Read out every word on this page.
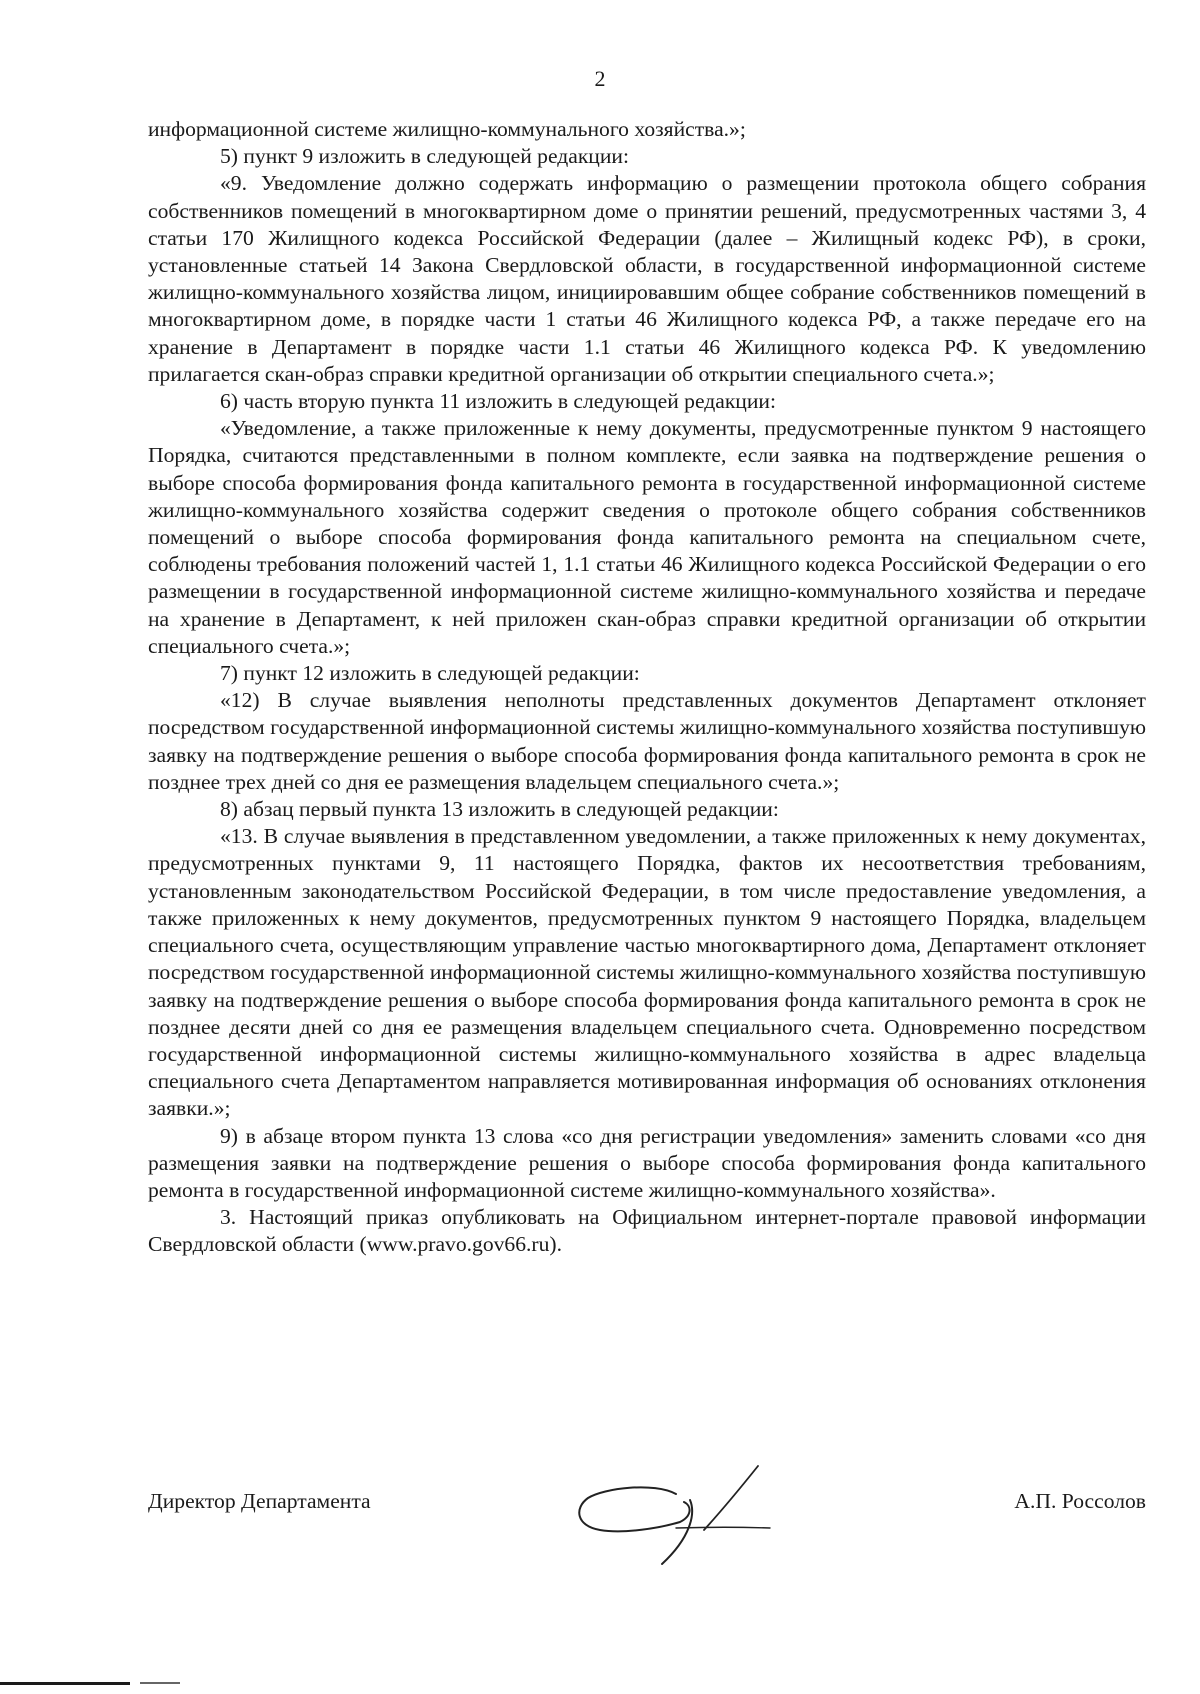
2

информационной системе жилищно-коммунального хозяйства.»;

5) пункт 9 изложить в следующей редакции:

«9. Уведомление должно содержать информацию о размещении протокола общего собрания собственников помещений в многоквартирном доме о принятии решений, предусмотренных частями 3, 4 статьи 170 Жилищного кодекса Российской Федерации (далее – Жилищный кодекс РФ), в сроки, установленные статьей 14 Закона Свердловской области, в государственной информационной системе жилищно-коммунального хозяйства лицом, инициировавшим общее собрание собственников помещений в многоквартирном доме, в порядке части 1 статьи 46 Жилищного кодекса РФ, а также передаче его на хранение в Департамент в порядке части 1.1 статьи 46 Жилищного кодекса РФ. К уведомлению прилагается скан-образ справки кредитной организации об открытии специального счета.»;

6) часть вторую пункта 11 изложить в следующей редакции:

«Уведомление, а также приложенные к нему документы, предусмотренные пунктом 9 настоящего Порядка, считаются представленными в полном комплекте, если заявка на подтверждение решения о выборе способа формирования фонда капитального ремонта в государственной информационной системе жилищно-коммунального хозяйства содержит сведения о протоколе общего собрания собственников помещений о выборе способа формирования фонда капитального ремонта на специальном счете, соблюдены требования положений частей 1, 1.1 статьи 46 Жилищного кодекса Российской Федерации о его размещении в государственной информационной системе жилищно-коммунального хозяйства и передаче на хранение в Департамент, к ней приложен скан-образ справки кредитной организации об открытии специального счета.»;

7) пункт 12 изложить в следующей редакции:

«12) В случае выявления неполноты представленных документов Департамент отклоняет посредством государственной информационной системы жилищно-коммунального хозяйства поступившую заявку на подтверждение решения о выборе способа формирования фонда капитального ремонта в срок не позднее трех дней со дня ее размещения владельцем специального счета.»;

8) абзац первый пункта 13 изложить в следующей редакции:

«13. В случае выявления в представленном уведомлении, а также приложенных к нему документах, предусмотренных пунктами 9, 11 настоящего Порядка, фактов их несоответствия требованиям, установленным законодательством Российской Федерации, в том числе предоставление уведомления, а также приложенных к нему документов, предусмотренных пунктом 9 настоящего Порядка, владельцем специального счета, осуществляющим управление частью многоквартирного дома, Департамент отклоняет посредством государственной информационной системы жилищно-коммунального хозяйства поступившую заявку на подтверждение решения о выборе способа формирования фонда капитального ремонта в срок не позднее десяти дней со дня ее размещения владельцем специального счета. Одновременно посредством государственной информационной системы жилищно-коммунального хозяйства в адрес владельца специального счета Департаментом направляется мотивированная информация об основаниях отклонения заявки.»;

9) в абзаце втором пункта 13 слова «со дня регистрации уведомления» заменить словами «со дня размещения заявки на подтверждение решения о выборе способа формирования фонда капитального ремонта в государственной информационной системе жилищно-коммунального хозяйства».

3. Настоящий приказ опубликовать на Официальном интернет-портале правовой информации Свердловской области (www.pravo.gov66.ru).

Директор Департамента	А.П. Россолов
